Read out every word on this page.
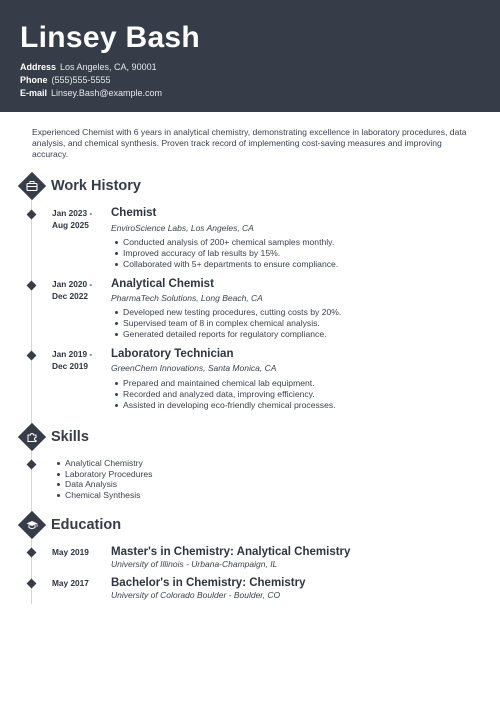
Linsey Bash
Address Los Angeles, CA, 90001
Phone (555)555-5555
E-mail Linsey.Bash@example.com
Experienced Chemist with 6 years in analytical chemistry, demonstrating excellence in laboratory procedures, data analysis, and chemical synthesis. Proven track record of implementing cost-saving measures and improving accuracy.
Work History
Jan 2023 -
Aug 2025
Chemist
EnviroScience Labs, Los Angeles, CA
Conducted analysis of 200+ chemical samples monthly.
Improved accuracy of lab results by 15%.
Collaborated with 5+ departments to ensure compliance.
Jan 2020 -
Dec 2022
Analytical Chemist
PharmaTech Solutions, Long Beach, CA
Developed new testing procedures, cutting costs by 20%.
Supervised team of 8 in complex chemical analysis.
Generated detailed reports for regulatory compliance.
Jan 2019 -
Dec 2019
Laboratory Technician
GreenChem Innovations, Santa Monica, CA
Prepared and maintained chemical lab equipment.
Recorded and analyzed data, improving efficiency.
Assisted in developing eco-friendly chemical processes.
Skills
Analytical Chemistry
Laboratory Procedures
Data Analysis
Chemical Synthesis
Education
May 2019	Master's in Chemistry: Analytical Chemistry
University of Illinois - Urbana-Champaign, IL
May 2017	Bachelor's in Chemistry: Chemistry
University of Colorado Boulder - Boulder, CO
